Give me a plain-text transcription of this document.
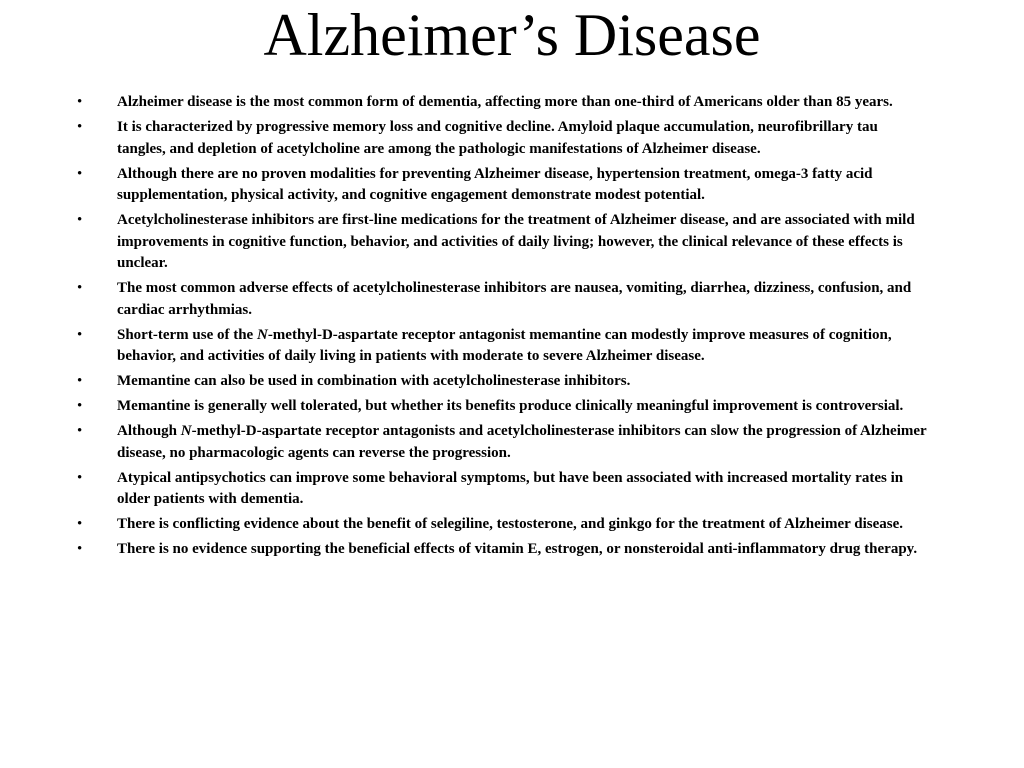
Alzheimer’s Disease
• Alzheimer disease is the most common form of dementia, affecting more than one-third of Americans older than 85 years.
• It is characterized by progressive memory loss and cognitive decline. Amyloid plaque accumulation, neurofibrillary tau tangles, and depletion of acetylcholine are among the pathologic manifestations of Alzheimer disease.
• Although there are no proven modalities for preventing Alzheimer disease, hypertension treatment, omega-3 fatty acid supplementation, physical activity, and cognitive engagement demonstrate modest potential.
• Acetylcholinesterase inhibitors are first-line medications for the treatment of Alzheimer disease, and are associated with mild improvements in cognitive function, behavior, and activities of daily living; however, the clinical relevance of these effects is unclear.
• The most common adverse effects of acetylcholinesterase inhibitors are nausea, vomiting, diarrhea, dizziness, confusion, and cardiac arrhythmias.
• Short-term use of the N-methyl-D-aspartate receptor antagonist memantine can modestly improve measures of cognition, behavior, and activities of daily living in patients with moderate to severe Alzheimer disease.
• Memantine can also be used in combination with acetylcholinesterase inhibitors.
• Memantine is generally well tolerated, but whether its benefits produce clinically meaningful improvement is controversial.
• Although N-methyl-D-aspartate receptor antagonists and acetylcholinesterase inhibitors can slow the progression of Alzheimer disease, no pharmacologic agents can reverse the progression.
• Atypical antipsychotics can improve some behavioral symptoms, but have been associated with increased mortality rates in older patients with dementia.
• There is conflicting evidence about the benefit of selegiline, testosterone, and ginkgo for the treatment of Alzheimer disease.
• There is no evidence supporting the beneficial effects of vitamin E, estrogen, or nonsteroidal anti-inflammatory drug therapy.
